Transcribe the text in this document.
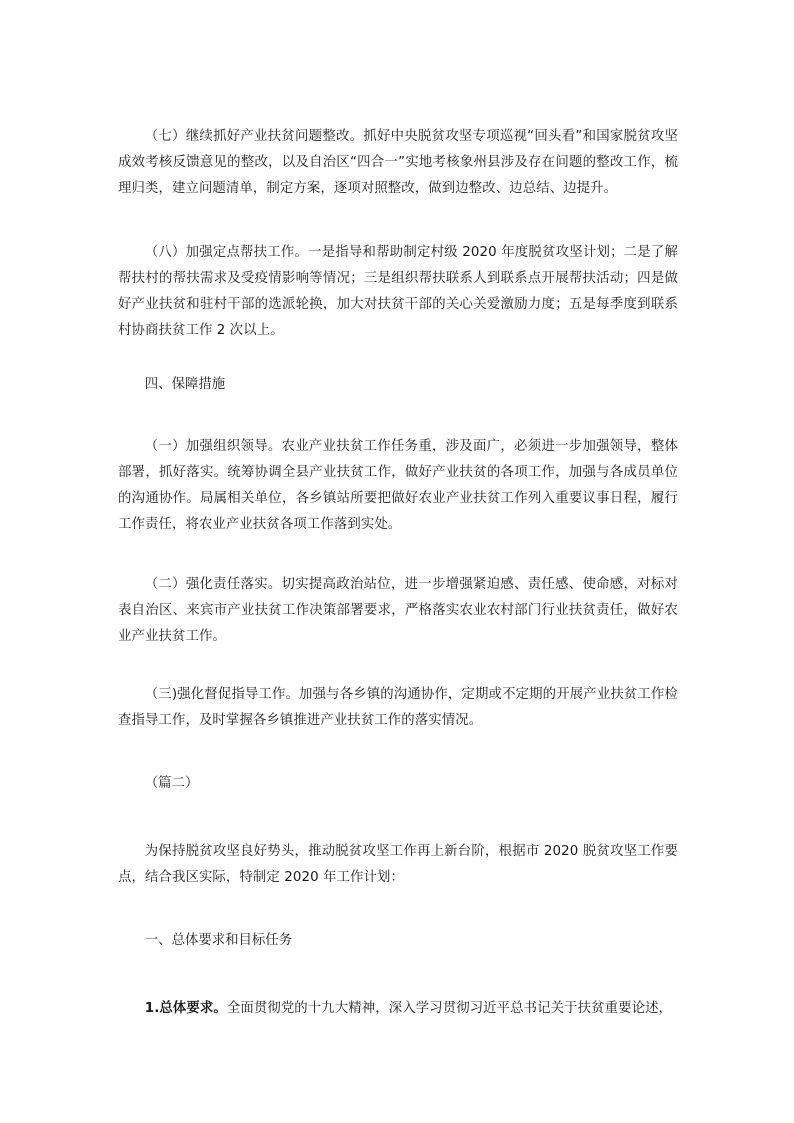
（七）继续抓好产业扶贫问题整改。抓好中央脱贫攻坚专项巡视“回头看”和国家脱贫攻坚成效考核反馈意见的整改，以及自治区“四合一”实地考核象州县涉及存在问题的整改工作，梳理归类，建立问题清单，制定方案，逐项对照整改，做到边整改、边总结、边提升。

（八）加强定点帮扶工作。一是指导和帮助制定村级 2020 年度脱贫攻坚计划；二是了解帮扶村的帮扶需求及受疫情影响等情况；三是组织帮扶联系人到联系点开展帮扶活动；四是做好产业扶贫和驻村干部的选派轮换，加大对扶贫干部的关心关爱激励力度；五是每季度到联系村协商扶贫工作 2 次以上。

四、保障措施

（一）加强组织领导。农业产业扶贫工作任务重，涉及面广，必须进一步加强领导，整体部署，抓好落实。统筹协调全县产业扶贫工作，做好产业扶贫的各项工作，加强与各成员单位的沟通协作。局属相关单位，各乡镇站所要把做好农业产业扶贫工作列入重要议事日程，履行工作责任，将农业产业扶贫各项工作落到实处。

（二）强化责任落实。切实提高政治站位，进一步增强紧迫感、责任感、使命感，对标对表自治区、来宾市产业扶贫工作决策部署要求，严格落实农业农村部门行业扶贫责任，做好农业产业扶贫工作。

（三)强化督促指导工作。加强与各乡镇的沟通协作，定期或不定期的开展产业扶贫工作检查指导工作，及时掌握各乡镇推进产业扶贫工作的落实情况。

（篇二）

为保持脱贫攻坚良好势头，推动脱贫攻坚工作再上新台阶，根据市 2020 脱贫攻坚工作要点，结合我区实际，特制定 2020 年工作计划：

一、总体要求和目标任务

1.总体要求。全面贯彻党的十九大精神，深入学习贯彻习近平总书记关于扶贫重要论述，
